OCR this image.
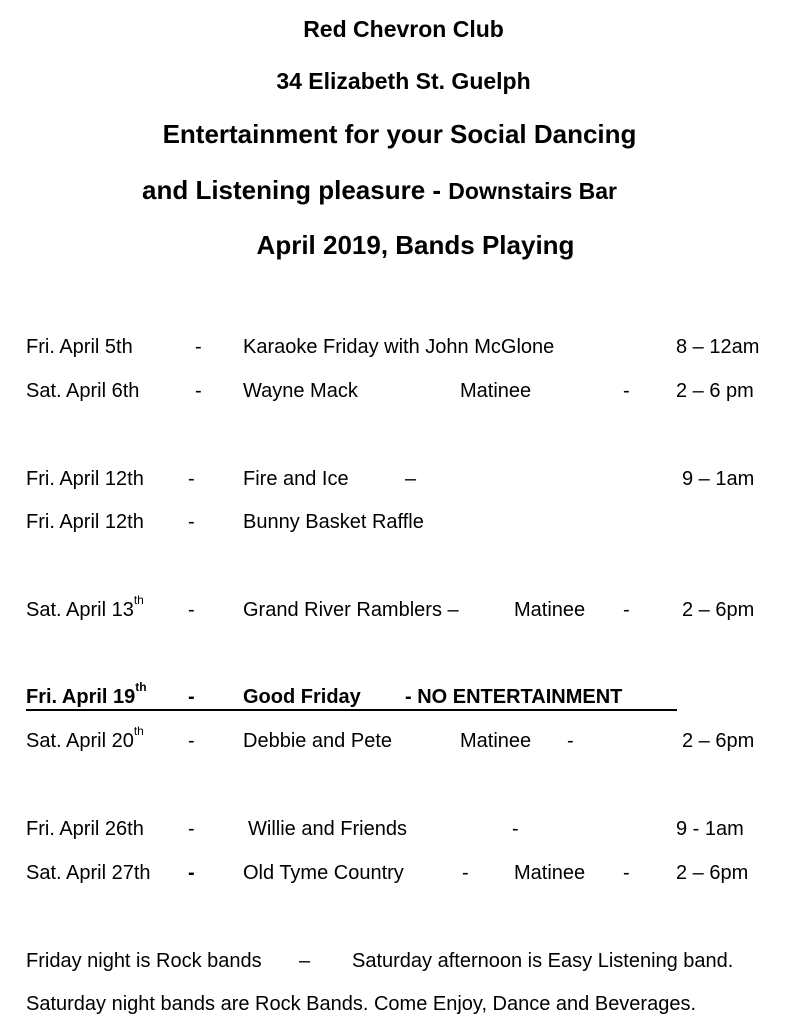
Red Chevron Club
34 Elizabeth St. Guelph
Entertainment for your Social Dancing
and Listening pleasure - Downstairs Bar
April 2019, Bands Playing
Fri. April 5th	- Karaoke Friday with John McGlone	8 – 12am
Sat. April 6th	- Wayne Mack	Matinee	- 2 – 6 pm
Fri. April 12th - Fire and Ice	–	9 – 1am
Fri. April 12th - Bunny Basket Raffle
Sat. April 13th - Grand River Ramblers –	Matinee -	2 – 6pm
Fri. April 19th - Good Friday - NO ENTERTAINMENT
Sat. April 20th - Debbie and Pete	Matinee -	2 – 6pm
Fri. April 26th -	Willie and Friends	-	9 - 1am
Sat. April 27th - Old Tyme Country	- Matinee - 2 – 6pm
Friday night is Rock bands – Saturday afternoon is Easy Listening band.
Saturday night bands are Rock Bands. Come Enjoy, Dance and Beverages.
